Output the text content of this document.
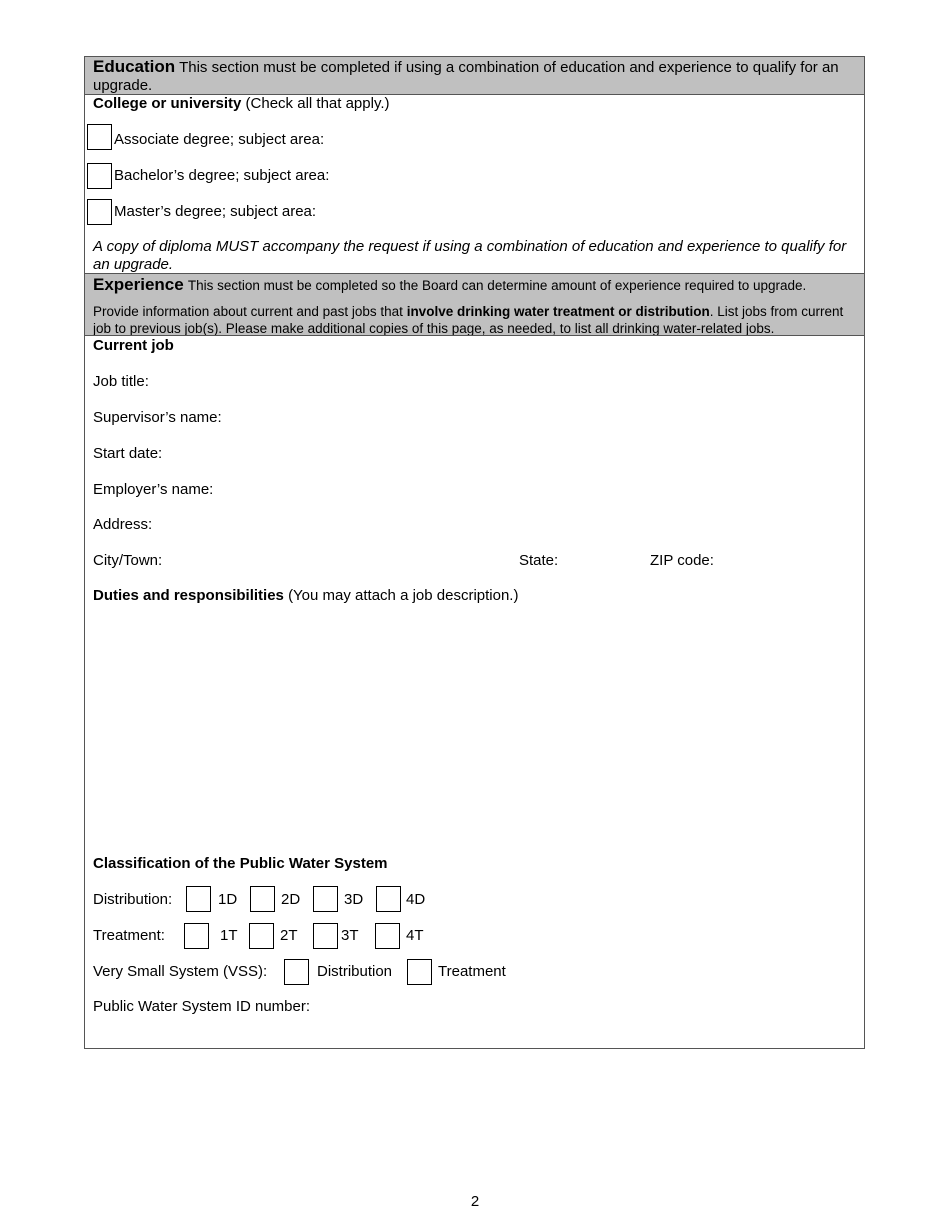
Education This section must be completed if using a combination of education and experience to qualify for an upgrade.
College or university (Check all that apply.)
Associate degree; subject area:
Bachelor’s degree; subject area:
Master’s degree; subject area:
A copy of diploma MUST accompany the request if using a combination of education and experience to qualify for an upgrade.
Experience This section must be completed so the Board can determine amount of experience required to upgrade.
Provide information about current and past jobs that involve drinking water treatment or distribution. List jobs from current job to previous job(s). Please make additional copies of this page, as needed, to list all drinking water-related jobs.
Current job
Job title:
Supervisor’s name:
Start date:
Employer’s name:
Address:
City/Town:	State:	ZIP code:
Duties and responsibilities (You may attach a job description.)
Classification of the Public Water System
Distribution:	1D	2D	3D	4D
Treatment:	1T	2T	3T	4T
Very Small System (VSS):	Distribution	Treatment
Public Water System ID number:
2
